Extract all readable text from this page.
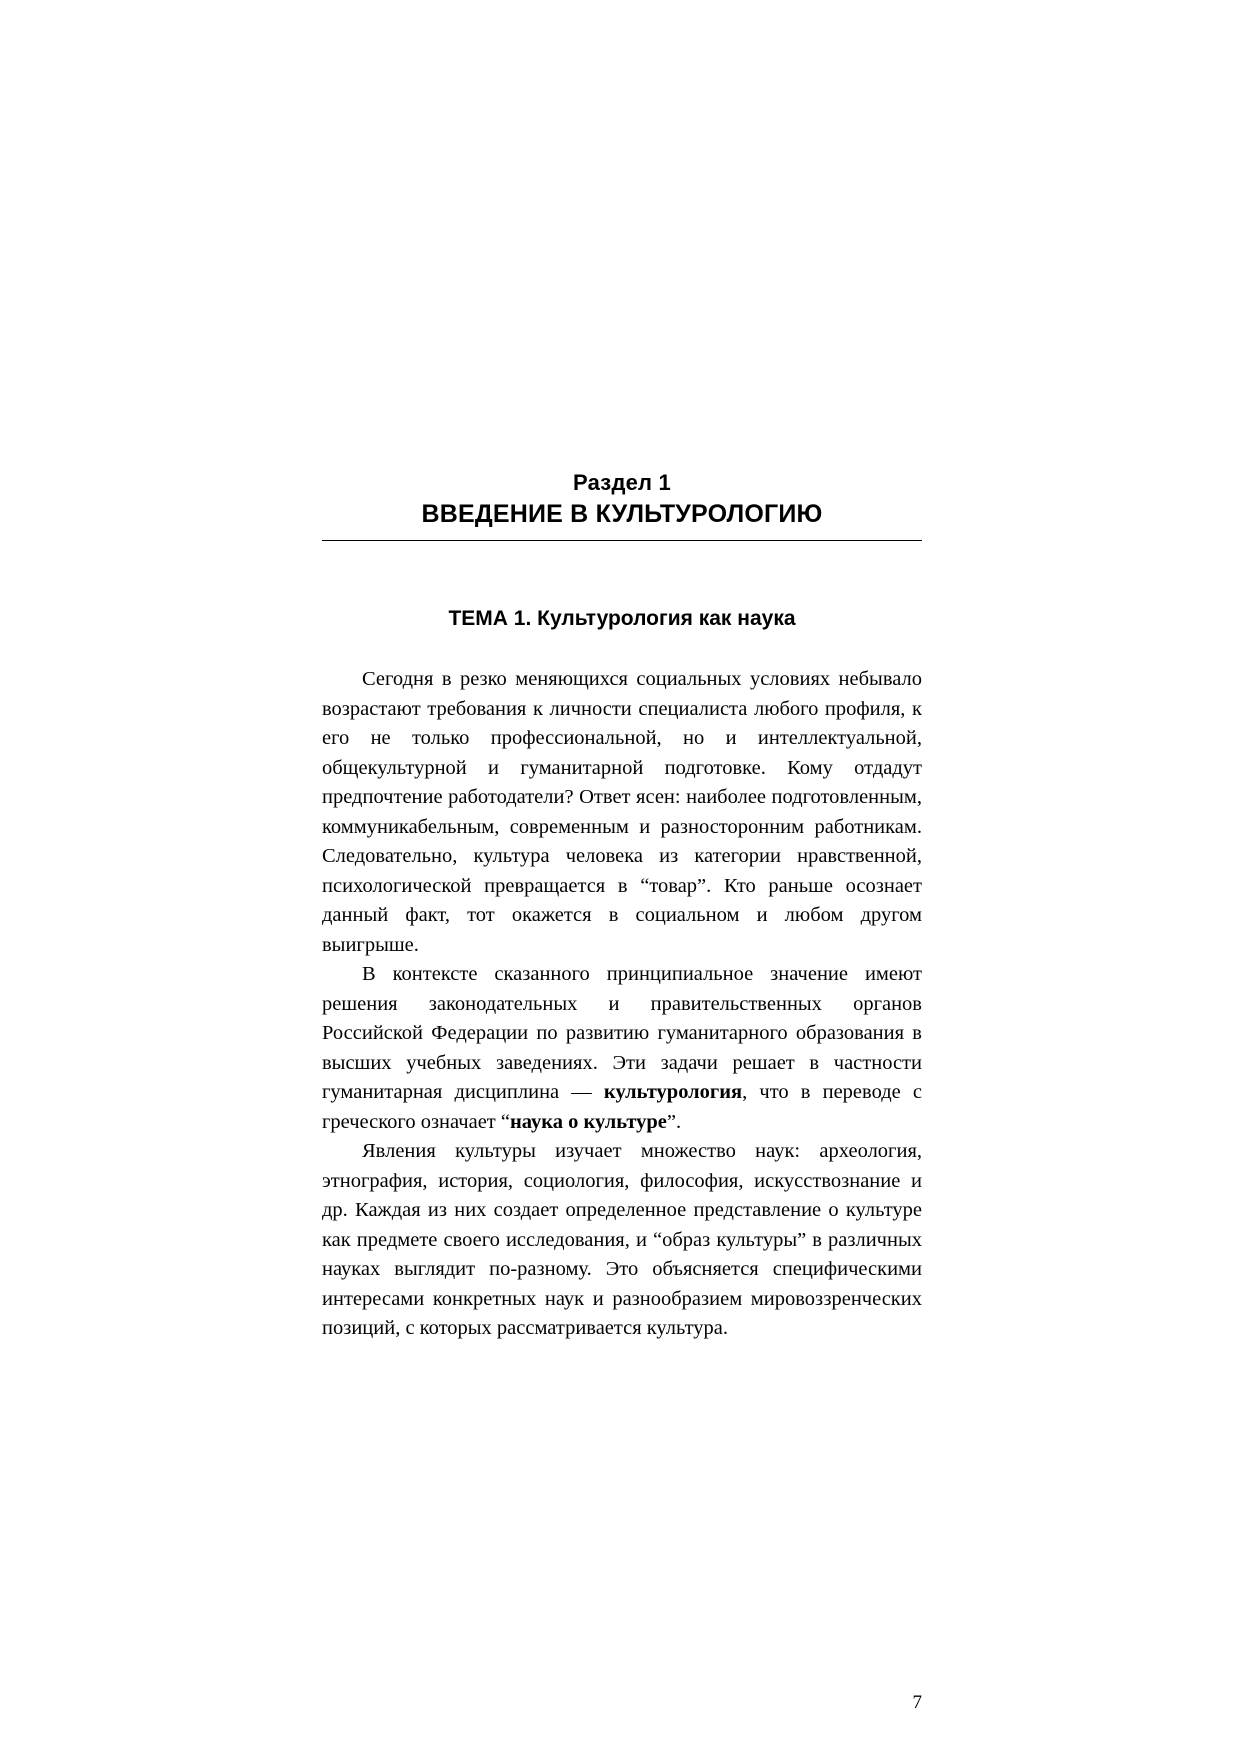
Раздел 1
ВВЕДЕНИЕ В КУЛЬТУРОЛОГИЮ
ТЕМА 1. Культурология как наука

Сегодня в резко меняющихся социальных условиях небывало возрастают требования к личности специалиста любого профиля, к его не только профессиональной, но и интеллектуальной, общекультурной и гуманитарной подготовке. Кому отдадут предпочтение работодатели? Ответ ясен: наиболее подготовленным, коммуникабельным, современным и разносторонним работникам. Следовательно, культура человека из категории нравственной, психологической превращается в “товар”. Кто раньше осознает данный факт, тот окажется в социальном и любом другом выигрыше.

В контексте сказанного принципиальное значение имеют решения законодательных и правительственных органов Российской Федерации по развитию гуманитарного образования в высших учебных заведениях. Эти задачи решает в частности гуманитарная дисциплина — культурология, что в переводе с греческого означает “наука о культуре”.

Явления культуры изучает множество наук: археология, этнография, история, социология, философия, искусствознание и др. Каждая из них создает определенное представление о культуре как предмете своего исследования, и “образ культуры” в различных науках выглядит по-разному. Это объясняется специфическими интересами конкретных наук и разнообразием мировоззренческих позиций, с которых рассматривается культура.

7
